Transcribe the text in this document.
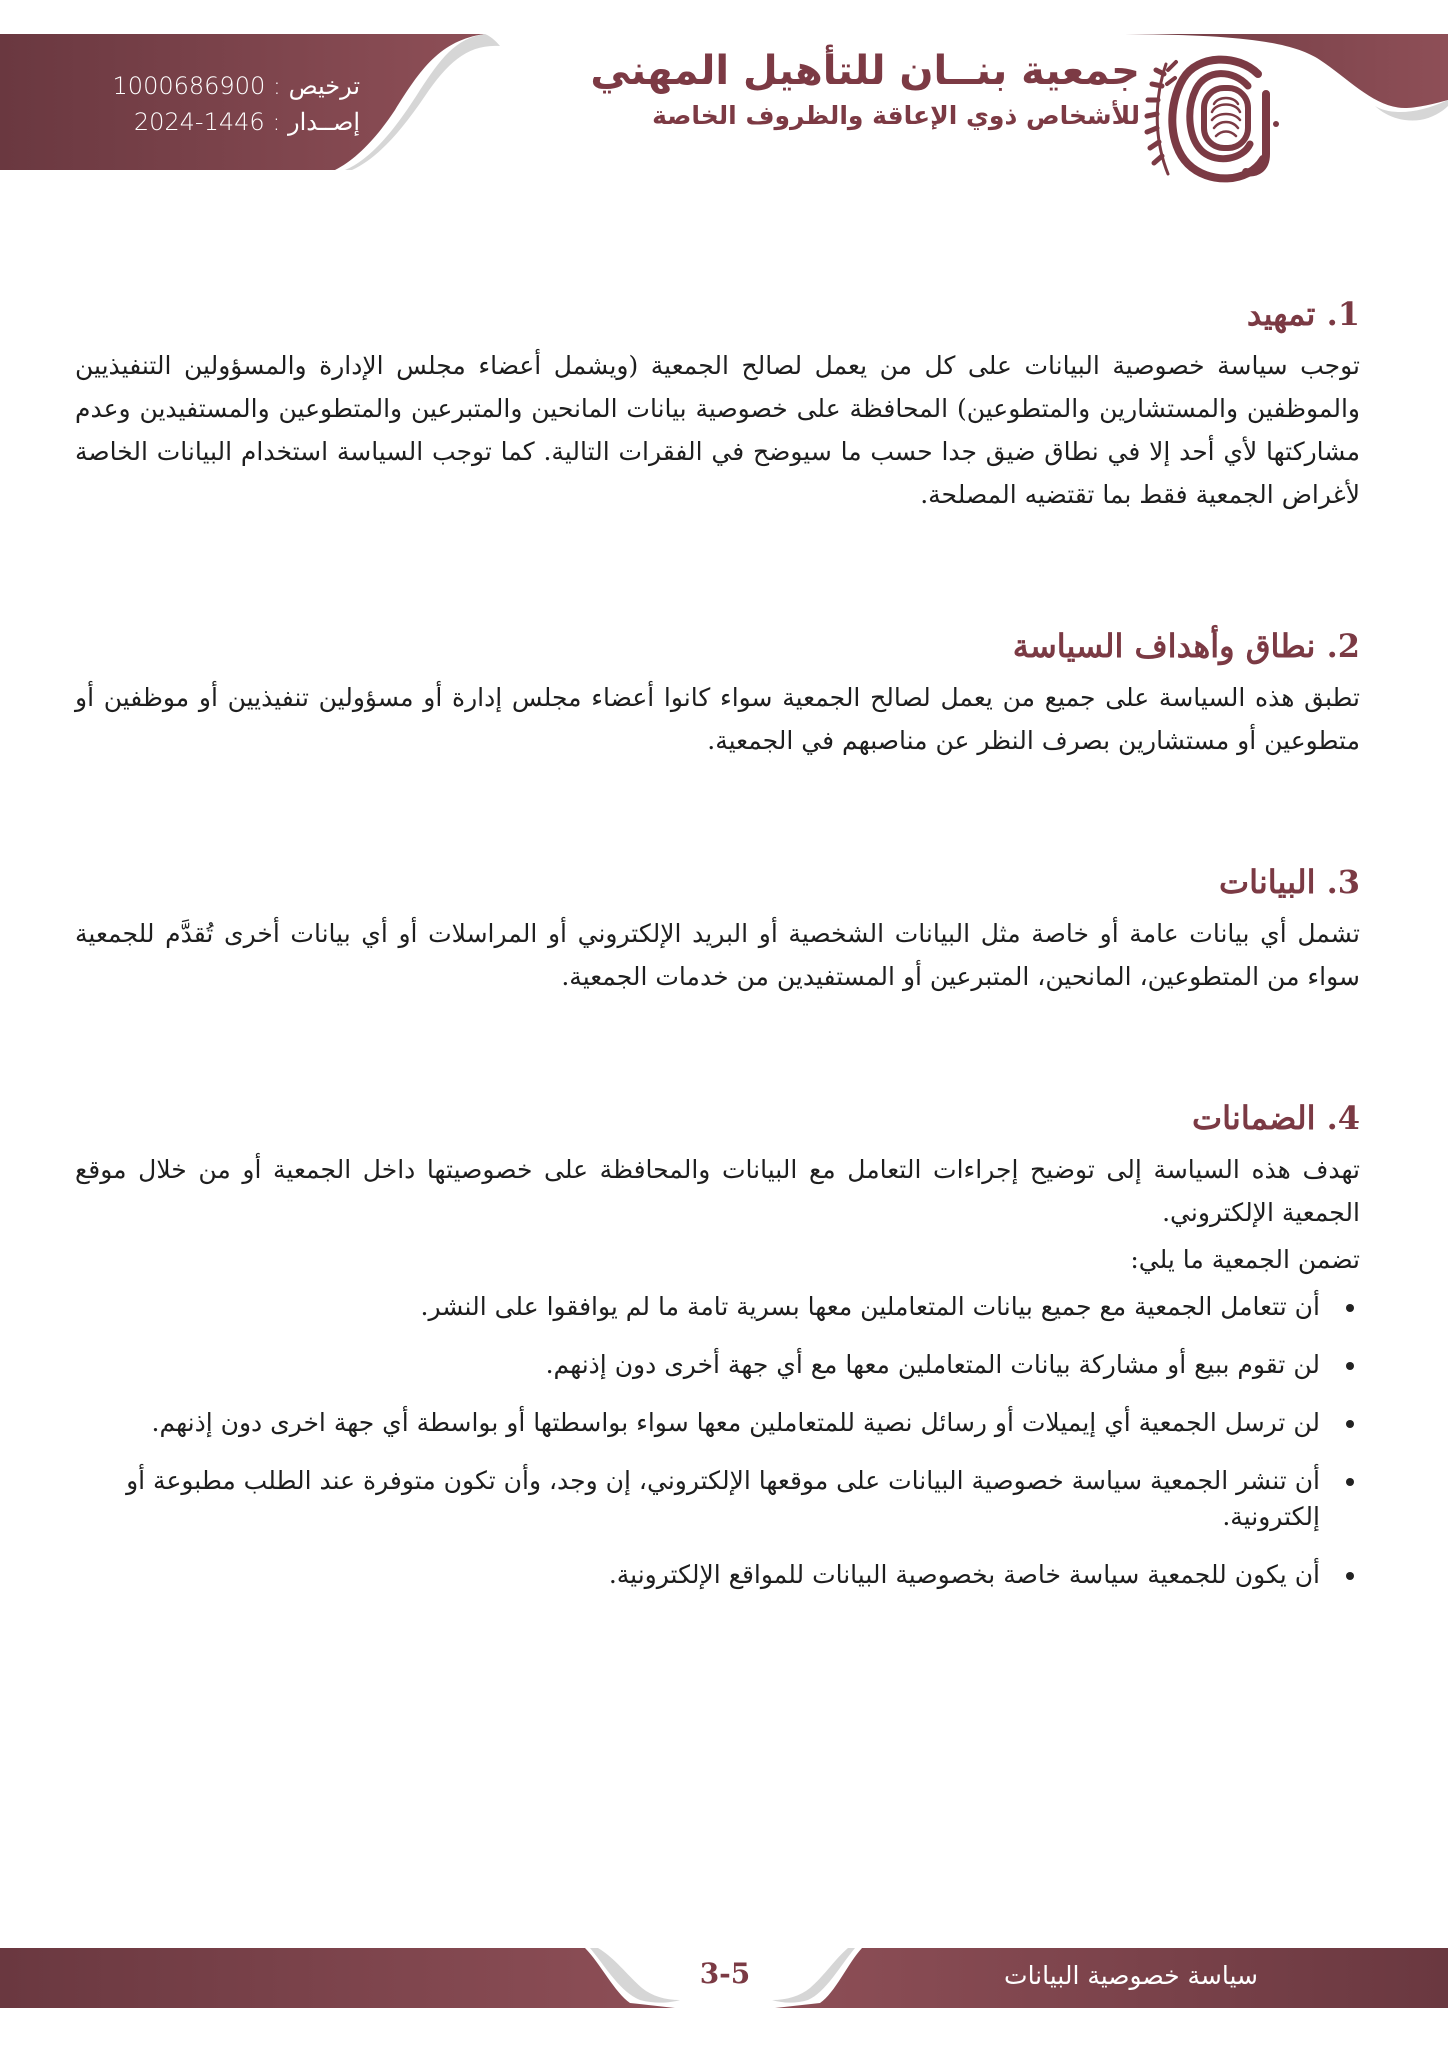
ترخيص : 1000686900
إصــدار : 1446-2024
جمعية بنــان للتأهيل المهني
للأشخاص ذوي الإعاقة والظروف الخاصة
1. تمهيد

توجب سياسة خصوصية البيانات على كل من يعمل لصالح الجمعية (ويشمل أعضاء مجلس الإدارة والمسؤولين التنفيذيين والموظفين والمستشارين والمتطوعين) المحافظة على خصوصية بيانات المانحين والمتبرعين والمتطوعين والمستفيدين وعدم مشاركتها لأي أحد إلا في نطاق ضيق جدا حسب ما سيوضح في الفقرات التالية. كما توجب السياسة استخدام البيانات الخاصة لأغراض الجمعية فقط بما تقتضيه المصلحة.

2. نطاق وأهداف السياسة

تطبق هذه السياسة على جميع من يعمل لصالح الجمعية سواء كانوا أعضاء مجلس إدارة أو مسؤولين تنفيذيين أو موظفين أو متطوعين أو مستشارين بصرف النظر عن مناصبهم في الجمعية.

3. البيانات

تشمل أي بيانات عامة أو خاصة مثل البيانات الشخصية أو البريد الإلكتروني أو المراسلات أو أي بيانات أخرى تُقدَّم للجمعية سواء من المتطوعين، المانحين، المتبرعين أو المستفيدين من خدمات الجمعية.

4. الضمانات

تهدف هذه السياسة إلى توضيح إجراءات التعامل مع البيانات والمحافظة على خصوصيتها داخل الجمعية أو من خلال موقع الجمعية الإلكتروني.

تضمن الجمعية ما يلي:
أن تتعامل الجمعية مع جميع بيانات المتعاملين معها بسرية تامة ما لم يوافقوا على النشر.
لن تقوم ببيع أو مشاركة بيانات المتعاملين معها مع أي جهة أخرى دون إذنهم.
لن ترسل الجمعية أي إيميلات أو رسائل نصية للمتعاملين معها سواء بواسطتها أو بواسطة أي جهة اخرى دون إذنهم.
أن تنشر الجمعية سياسة خصوصية البيانات على موقعها الإلكتروني، إن وجد، وأن تكون متوفرة عند الطلب مطبوعة أو إلكترونية.
أن يكون للجمعية سياسة خاصة بخصوصية البيانات للمواقع الإلكترونية.
3-5	سياسة خصوصية البيانات
